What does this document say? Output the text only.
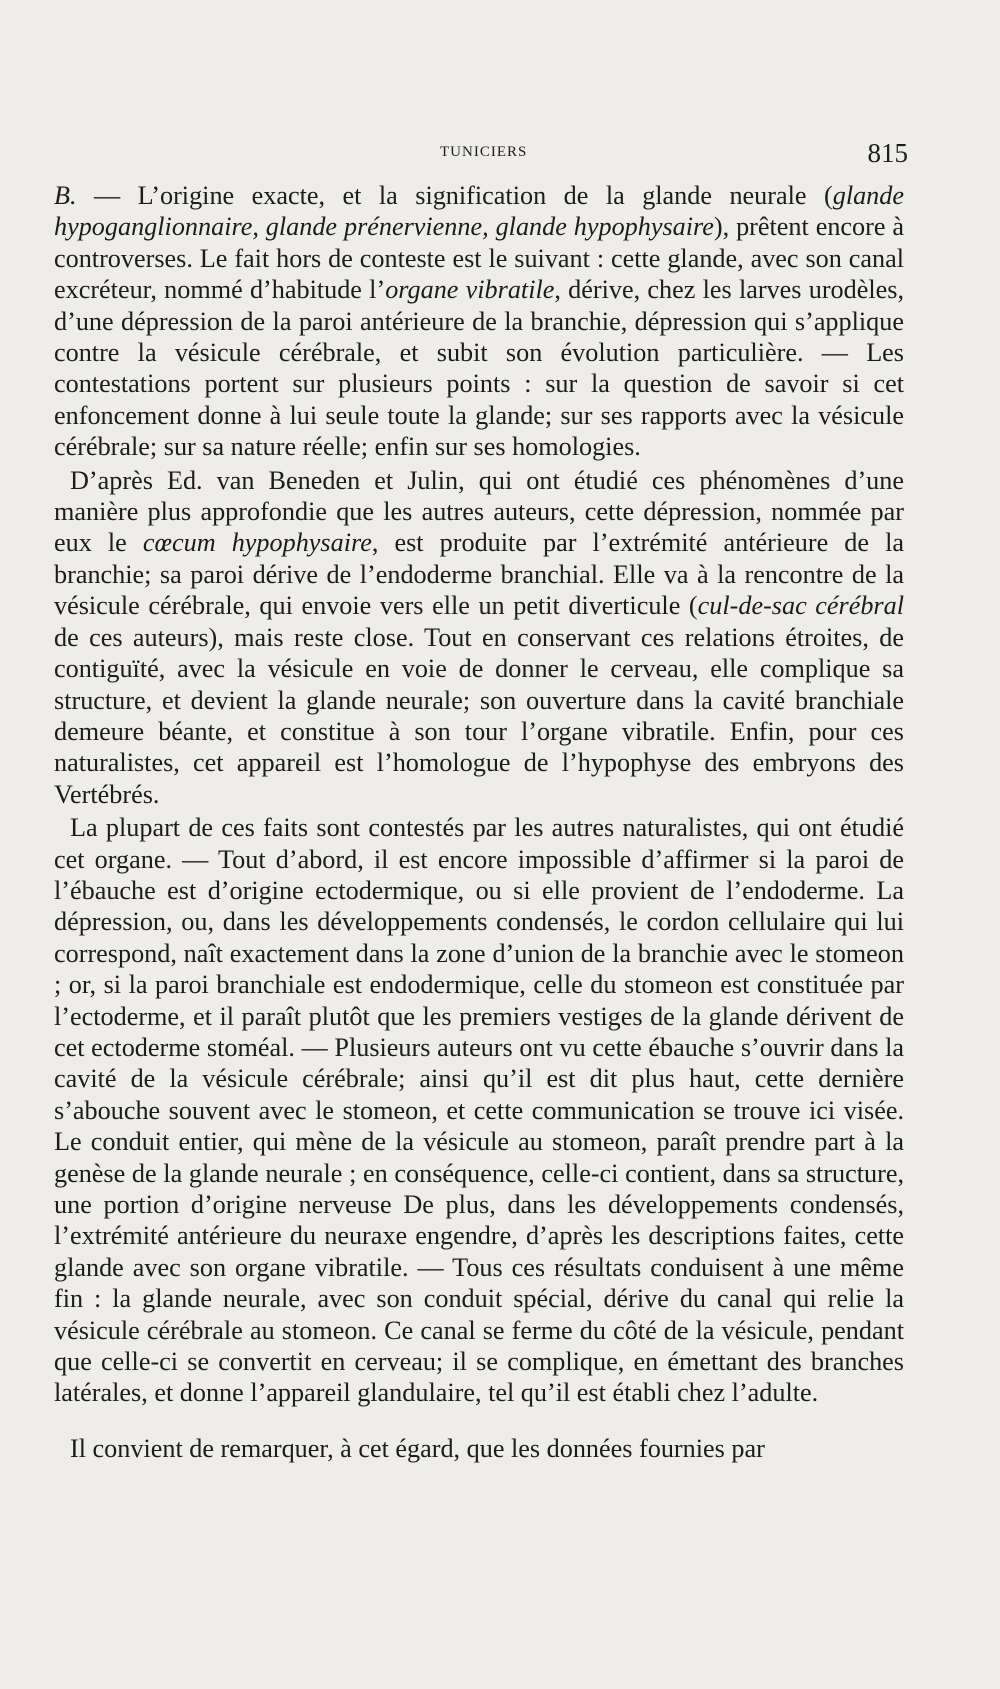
TUNICIERS	815

B. — L’origine exacte, et la signification de la glande neurale (glande hypoganglionnaire, glande prénervienne, glande hypophysaire), prêtent encore à controverses. Le fait hors de conteste est le suivant : cette glande, avec son canal excréteur, nommé d’habitude l’organe vibratile, dérive, chez les larves urodèles, d’une dépression de la paroi antérieure de la branchie, dépression qui s’applique contre la vésicule cérébrale, et subit son évolution particulière. — Les contestations portent sur plusieurs points : sur la question de savoir si cet enfoncement donne à lui seule toute la glande; sur ses rapports avec la vésicule cérébrale; sur sa nature réelle; enfin sur ses homologies.

D’après Ed. van Beneden et Julin, qui ont étudié ces phénomènes d’une manière plus approfondie que les autres auteurs, cette dépression, nommée par eux le cœcum hypophysaire, est produite par l’extrémité antérieure de la branchie; sa paroi dérive de l’endoderme branchial. Elle va à la rencontre de la vésicule cérébrale, qui envoie vers elle un petit diverticule (cul-de-sac cérébral de ces auteurs), mais reste close. Tout en conservant ces relations étroites, de contiguïté, avec la vésicule en voie de donner le cerveau, elle complique sa structure, et devient la glande neurale; son ouverture dans la cavité branchiale demeure béante, et constitue à son tour l’organe vibratile. Enfin, pour ces naturalistes, cet appareil est l’homologue de l’hypophyse des embryons des Vertébrés.

La plupart de ces faits sont contestés par les autres naturalistes, qui ont étudié cet organe. — Tout d’abord, il est encore impossible d’affirmer si la paroi de l’ébauche est d’origine ectodermique, ou si elle provient de l’endoderme. La dépression, ou, dans les développements condensés, le cordon cellulaire qui lui correspond, naît exactement dans la zone d’union de la branchie avec le stomeon ; or, si la paroi branchiale est endodermique, celle du stomeon est constituée par l’ectoderme, et il paraît plutôt que les premiers vestiges de la glande dérivent de cet ectoderme stoméal. — Plusieurs auteurs ont vu cette ébauche s’ouvrir dans la cavité de la vésicule cérébrale; ainsi qu’il est dit plus haut, cette dernière s’abouche souvent avec le stomeon, et cette communication se trouve ici visée. Le conduit entier, qui mène de la vésicule au stomeon, paraît prendre part à la genèse de la glande neurale ; en conséquence, celle-ci contient, dans sa structure, une portion d’origine nerveuse De plus, dans les développements condensés, l’extrémité antérieure du neuraxe engendre, d’après les descriptions faites, cette glande avec son organe vibratile. — Tous ces résultats conduisent à une même fin : la glande neurale, avec son conduit spécial, dérive du canal qui relie la vésicule cérébrale au stomeon. Ce canal se ferme du côté de la vésicule, pendant que celle-ci se convertit en cerveau; il se complique, en émettant des branches latérales, et donne l’appareil glandulaire, tel qu’il est établi chez l’adulte.

Il convient de remarquer, à cet égard, que les données fournies par
